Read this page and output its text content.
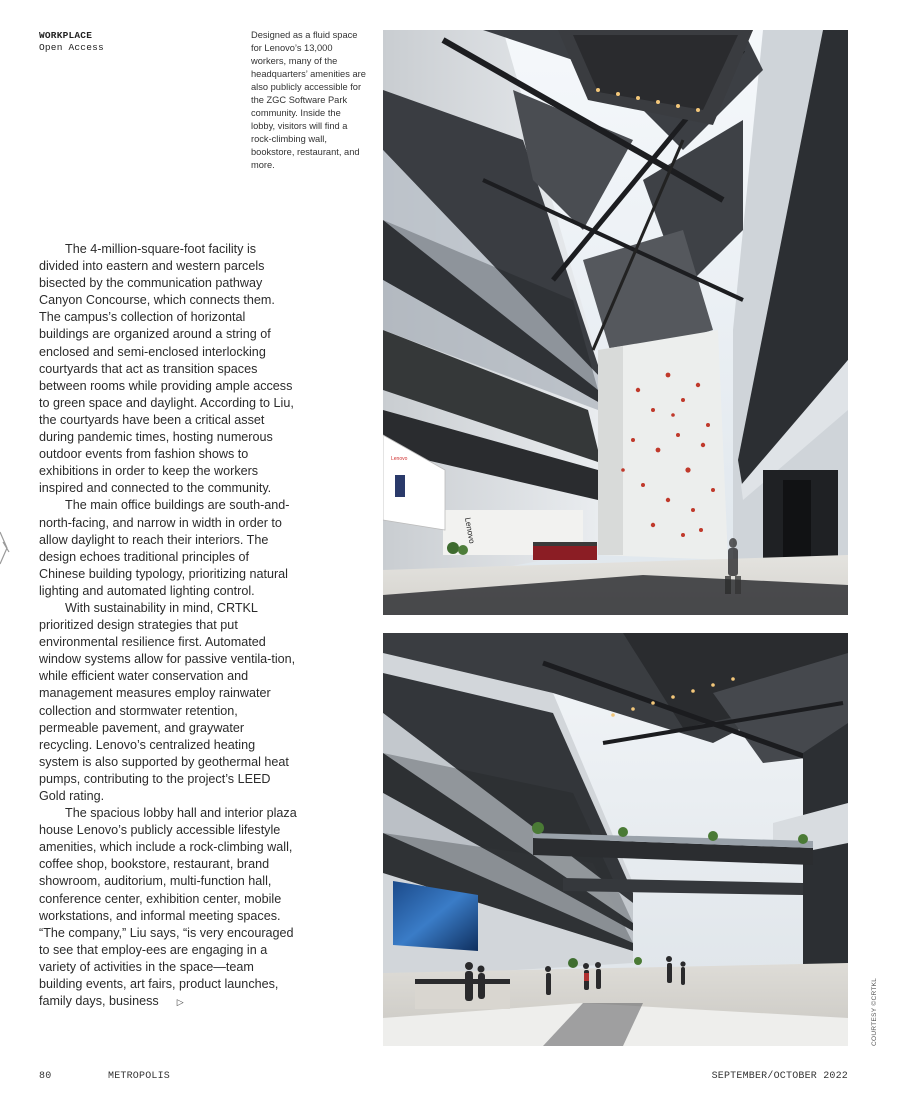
WORKPLACE
Open Access
Designed as a fluid space for Lenovo’s 13,000 workers, many of the headquarters’ amenities are also publicly accessible for the ZGC Software Park community. Inside the lobby, visitors will find a rock-climbing wall, bookstore, restaurant, and more.

The 4-million-square-foot facility is divided into eastern and western parcels bisected by the communication pathway Canyon Concourse, which connects them. The campus’s collection of horizontal buildings are organized around a string of enclosed and semi-enclosed interlocking courtyards that act as transition spaces between rooms while providing ample access to green space and daylight. According to Liu, the courtyards have been a critical asset during pandemic times, hosting numerous outdoor events from fashion shows to exhibitions in order to keep the workers inspired and connected to the community.

The main office buildings are south-and-north-facing, and narrow in width in order to allow daylight to reach their interiors. The design echoes traditional principles of Chinese building typology, prioritizing natural lighting and automated lighting control.

With sustainability in mind, CRTKL prioritized design strategies that put environmental resilience first. Automated window systems allow for passive ventila-tion, while efficient water conservation and management measures employ rainwater collection and stormwater retention, permeable pavement, and graywater recycling. Lenovo’s centralized heating system is also supported by geothermal heat pumps, contributing to the project’s LEED Gold rating.

The spacious lobby hall and interior plaza house Lenovo’s publicly accessible lifestyle amenities, which include a rock-climbing wall, coffee shop, bookstore, restaurant, brand showroom, auditorium, multi-function hall, conference center, exhibition center, mobile workstations, and informal meeting spaces. “The company,” Liu says, “is very encouraged to see that employ-ees are engaging in a variety of activities in the space—team building events, art fairs, product launches, family days, business ▷

Lenovo
Lenovo
COURTESY ©CRTKL
80	METROPOLIS	SEPTEMBER/OCTOBER 2022
